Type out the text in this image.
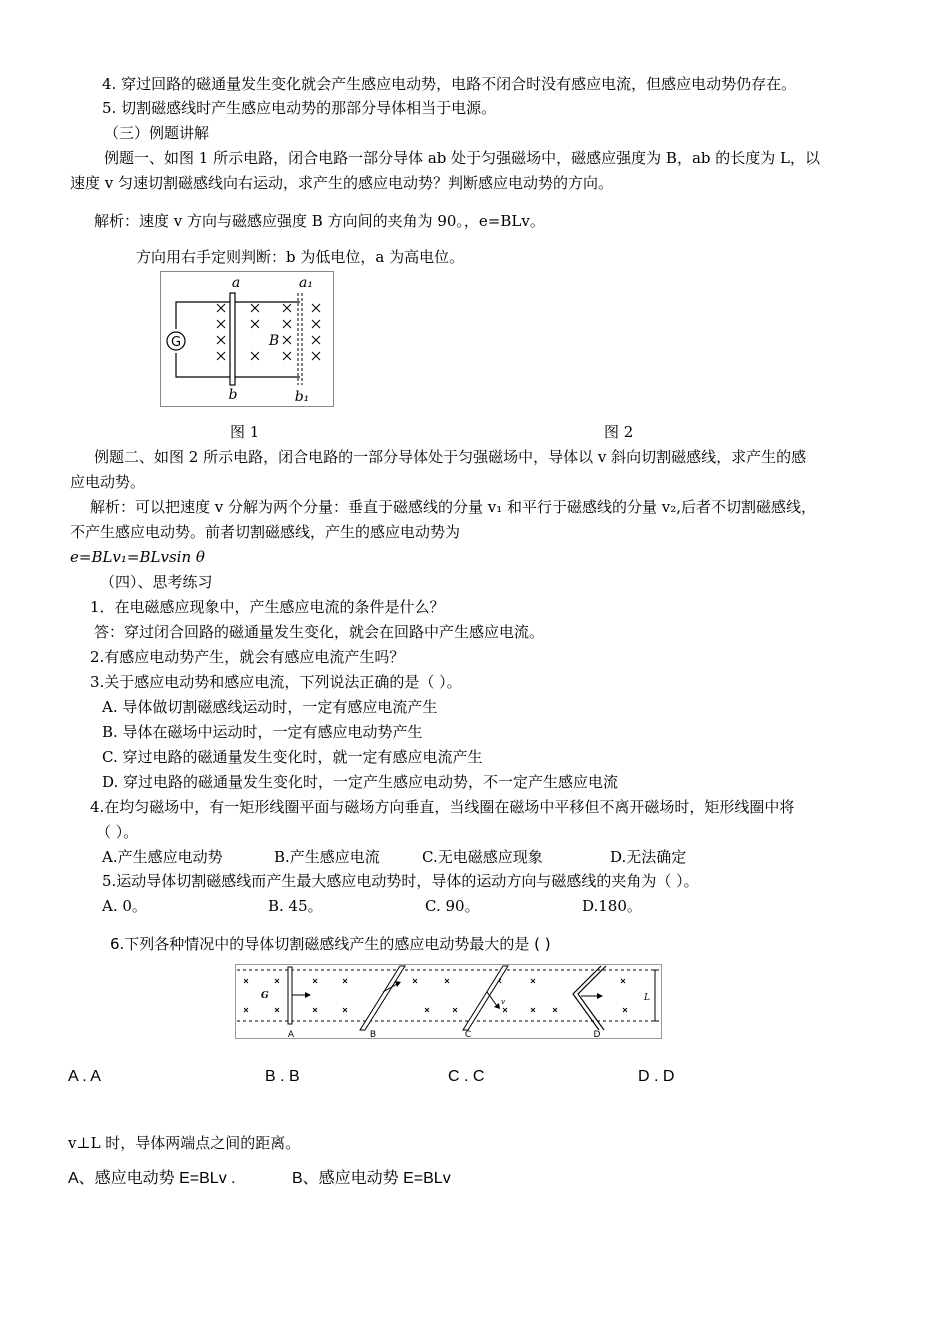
4. 穿过回路的磁通量发生变化就会产生感应电动势，电路不闭合时没有感应电流，但感应电动势仍存在。
5. 切割磁感线时产生感应电动势的那部分导体相当于电源。
（三）例题讲解
例题一、如图 1 所示电路，闭合电路一部分导体 ab 处于匀强磁场中，磁感应强度为 B，ab 的长度为 L，以
速度 v 匀速切割磁感线向右运动，求产生的感应电动势？判断感应电动势的方向。
解析：速度 v 方向与磁感应强度 B 方向间的夹角为 90。，e=BLv。
方向用右手定则判断：b 为低电位，a 为高电位。
G	B
a	a₁
b	b₁
图 1	图 2
例题二、如图 2 所示电路，闭合电路的一部分导体处于匀强磁场中，导体以 v 斜向切割磁感线，求产生的感
应电动势。
解析：可以把速度 v 分解为两个分量：垂直于磁感线的分量 v₁ 和平行于磁感线的分量 v₂,后者不切割磁感线，
不产生感应电动势。前者切割磁感线，产生的感应电动势为
e=BLv₁=BLvsin θ
（四）、思考练习
1．在电磁感应现象中，产生感应电流的条件是什么？
答：穿过闭合回路的磁通量发生变化，就会在回路中产生感应电流。
2.有感应电动势产生，就会有感应电流产生吗？
3.关于感应电动势和感应电流，下列说法正确的是（ ）。
A. 导体做切割磁感线运动时，一定有感应电流产生
B. 导体在磁场中运动时，一定有感应电动势产生
C. 穿过电路的磁通量发生变化时，就一定有感应电流产生
D. 穿过电路的磁通量发生变化时，一定产生感应电动势，不一定产生感应电流
4.在均匀磁场中，有一矩形线圈平面与磁场方向垂直，当线圈在磁场中平移但不离开磁场时，矩形线圈中将
（ ）。
A.产生感应电动势	B.产生感应电流	C.无电磁感应现象	D.无法确定
5.运动导体切割磁感线而产生最大感应电动势时，导体的运动方向与磁感线的夹角为（ ）。
A. 0。	B. 45。	C. 90。	D.180。
6.下列各种情况中的导体切割磁感线产生的感应电动势最大的是 ( )
L
G
v
A	B	C	D
A . A	B . B	C . C	D . D
v⊥L 时，导体两端点之间的距离。
A、感应电动势 E=BLv .	B、感应电动势 E=BLv
